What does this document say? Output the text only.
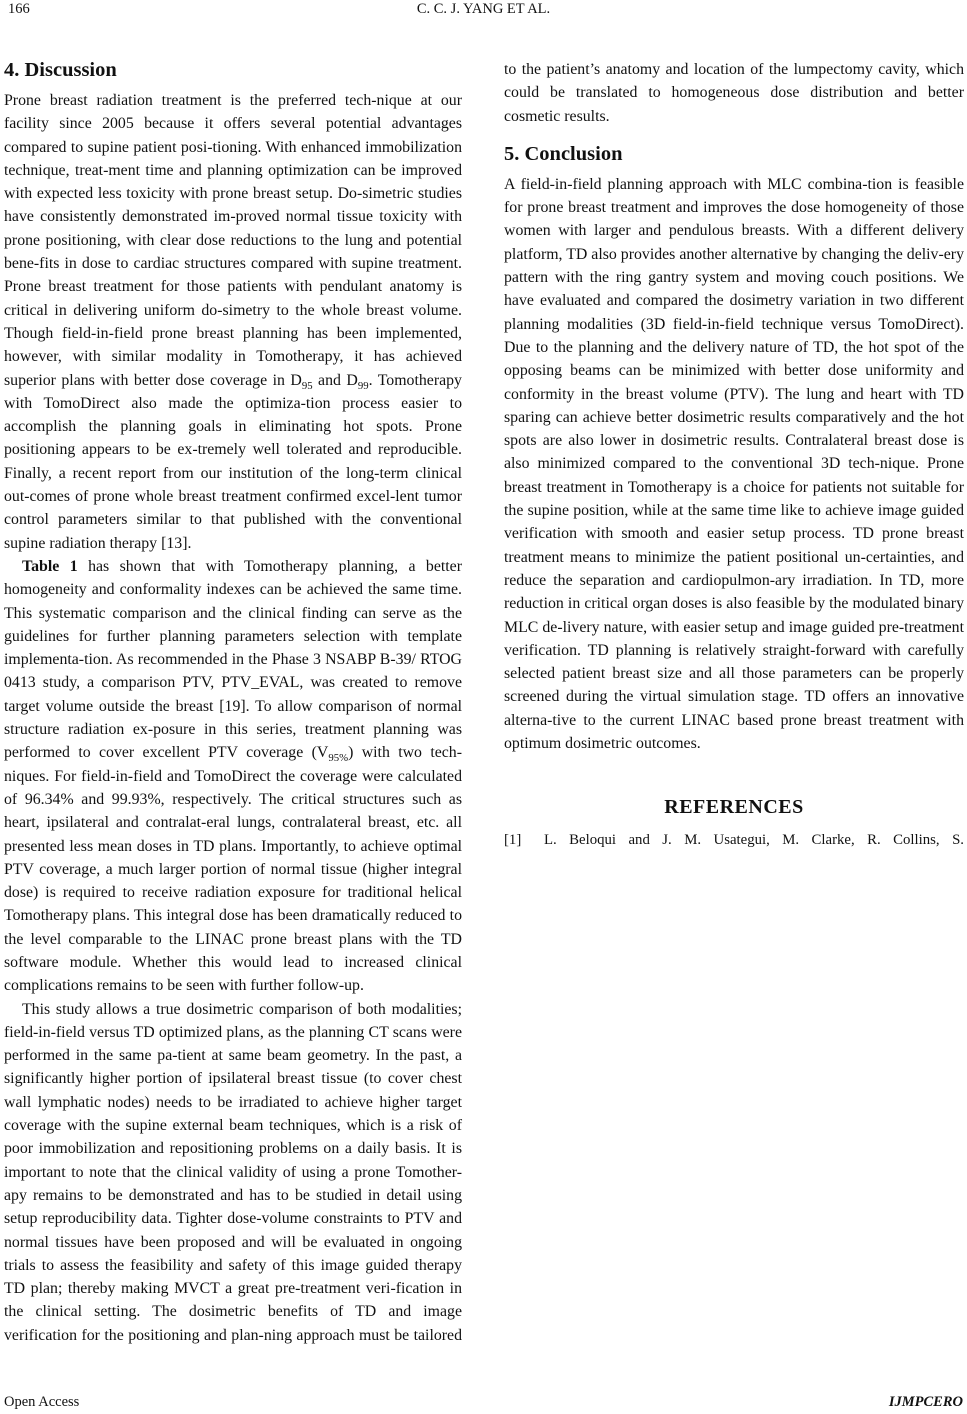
166	C. C. J. YANG ET AL.
4. Discussion

Prone breast radiation treatment is the preferred tech-nique at our facility since 2005 because it offers several potential advantages compared to supine patient posi-tioning. With enhanced immobilization technique, treat-ment time and planning optimization can be improved with expected less toxicity with prone breast setup. Do-simetric studies have consistently demonstrated im-proved normal tissue toxicity with prone positioning, with clear dose reductions to the lung and potential bene-fits in dose to cardiac structures compared with supine treatment. Prone breast treatment for those patients with pendulant anatomy is critical in delivering uniform do-simetry to the whole breast volume. Though field-in-field prone breast planning has been implemented, however, with similar modality in Tomotherapy, it has achieved superior plans with better dose coverage in $D_{95}$ and $D_{99}$. Tomotherapy with TomoDirect also made the optimiza-tion process easier to accomplish the planning goals in eliminating hot spots. Prone positioning appears to be ex-tremely well tolerated and reproducible. Finally, a recent report from our institution of the long-term clinical out-comes of prone whole breast treatment confirmed excel-lent tumor control parameters similar to that published with the conventional supine radiation therapy [13].

Table 1 has shown that with Tomotherapy planning, a better homogeneity and conformality indexes can be achieved the same time. This systematic comparison and the clinical finding can serve as the guidelines for further planning parameters selection with template implementa-tion. As recommended in the Phase 3 NSABP B-39/ RTOG 0413 study, a comparison PTV, PTV_EVAL, was created to remove target volume outside the breast [19]. To allow comparison of normal structure radiation ex-posure in this series, treatment planning was performed to cover excellent PTV coverage $(V_{95\%})$ with two tech-niques. For field-in-field and TomoDirect the coverage were calculated of 96.34% and 99.93%, respectively. The critical structures such as heart, ipsilateral and contralat-eral lungs, contralateral breast, etc. all presented less mean doses in TD plans. Importantly, to achieve optimal PTV coverage, a much larger portion of normal tissue (higher integral dose) is required to receive radiation exposure for traditional helical Tomotherapy plans. This integral dose has been dramatically reduced to the level comparable to the LINAC prone breast plans with the TD software module. Whether this would lead to increased clinical complications remains to be seen with further follow-up.

This study allows a true dosimetric comparison of both modalities; field-in-field versus TD optimized plans, as the planning CT scans were performed in the same pa-tient at same beam geometry. In the past, a significantly higher portion of ipsilateral breast tissue (to cover chest wall lymphatic nodes) needs to be irradiated to achieve higher target coverage with the supine external beam techniques, which is a risk of poor immobilization and repositioning problems on a daily basis. It is important to note that the clinical validity of using a prone Tomother-apy remains to be demonstrated and has to be studied in detail using setup reproducibility data. Tighter dose-volume constraints to PTV and normal tissues have been proposed and will be evaluated in ongoing trials to assess the feasibility and safety of this image guided therapy TD plan; thereby making MVCT a great pre-treatment veri-fication in the clinical setting. The dosimetric benefits of TD and image verification for the positioning and plan-ning approach must be tailored

to the patient’s anatomy and location of the lumpectomy cavity, which could be translated to homogeneous dose distribution and better cosmetic results.

5. Conclusion

A field-in-field planning approach with MLC combina-tion is feasible for prone breast treatment and improves the dose homogeneity of those women with larger and pendulous breasts. With a different delivery platform, TD also provides another alternative by changing the deliv-ery pattern with the ring gantry system and moving couch positions. We have evaluated and compared the dosimetry variation in two different planning modalities (3D field-in-field technique versus TomoDirect). Due to the planning and the delivery nature of TD, the hot spot of the opposing beams can be minimized with better dose uniformity and conformity in the breast volume (PTV). The lung and heart with TD sparing can achieve better dosimetric results comparatively and the hot spots are also lower in dosimetric results. Contralateral breast dose is also minimized compared to the conventional 3D tech-nique. Prone breast treatment in Tomotherapy is a choice for patients not suitable for the supine position, while at the same time like to achieve image guided verification with smooth and easier setup process. TD prone breast treatment means to minimize the patient positional un-certainties, and reduce the separation and cardiopulmon-ary irradiation. In TD, more reduction in critical organ doses is also feasible by the modulated binary MLC de-livery nature, with easier setup and image guided pre-treatment verification. TD planning is relatively straight-forward with carefully selected patient breast size and all those parameters can be properly screened during the virtual simulation stage. TD offers an innovative alterna-tive to the current LINAC based prone breast treatment with optimum dosimetric outcomes.

REFERENCES
[1]	L. Beloqui and J. M. Usategui, M. Clarke, R. Collins, S.
Open Access	IJMPCERO
